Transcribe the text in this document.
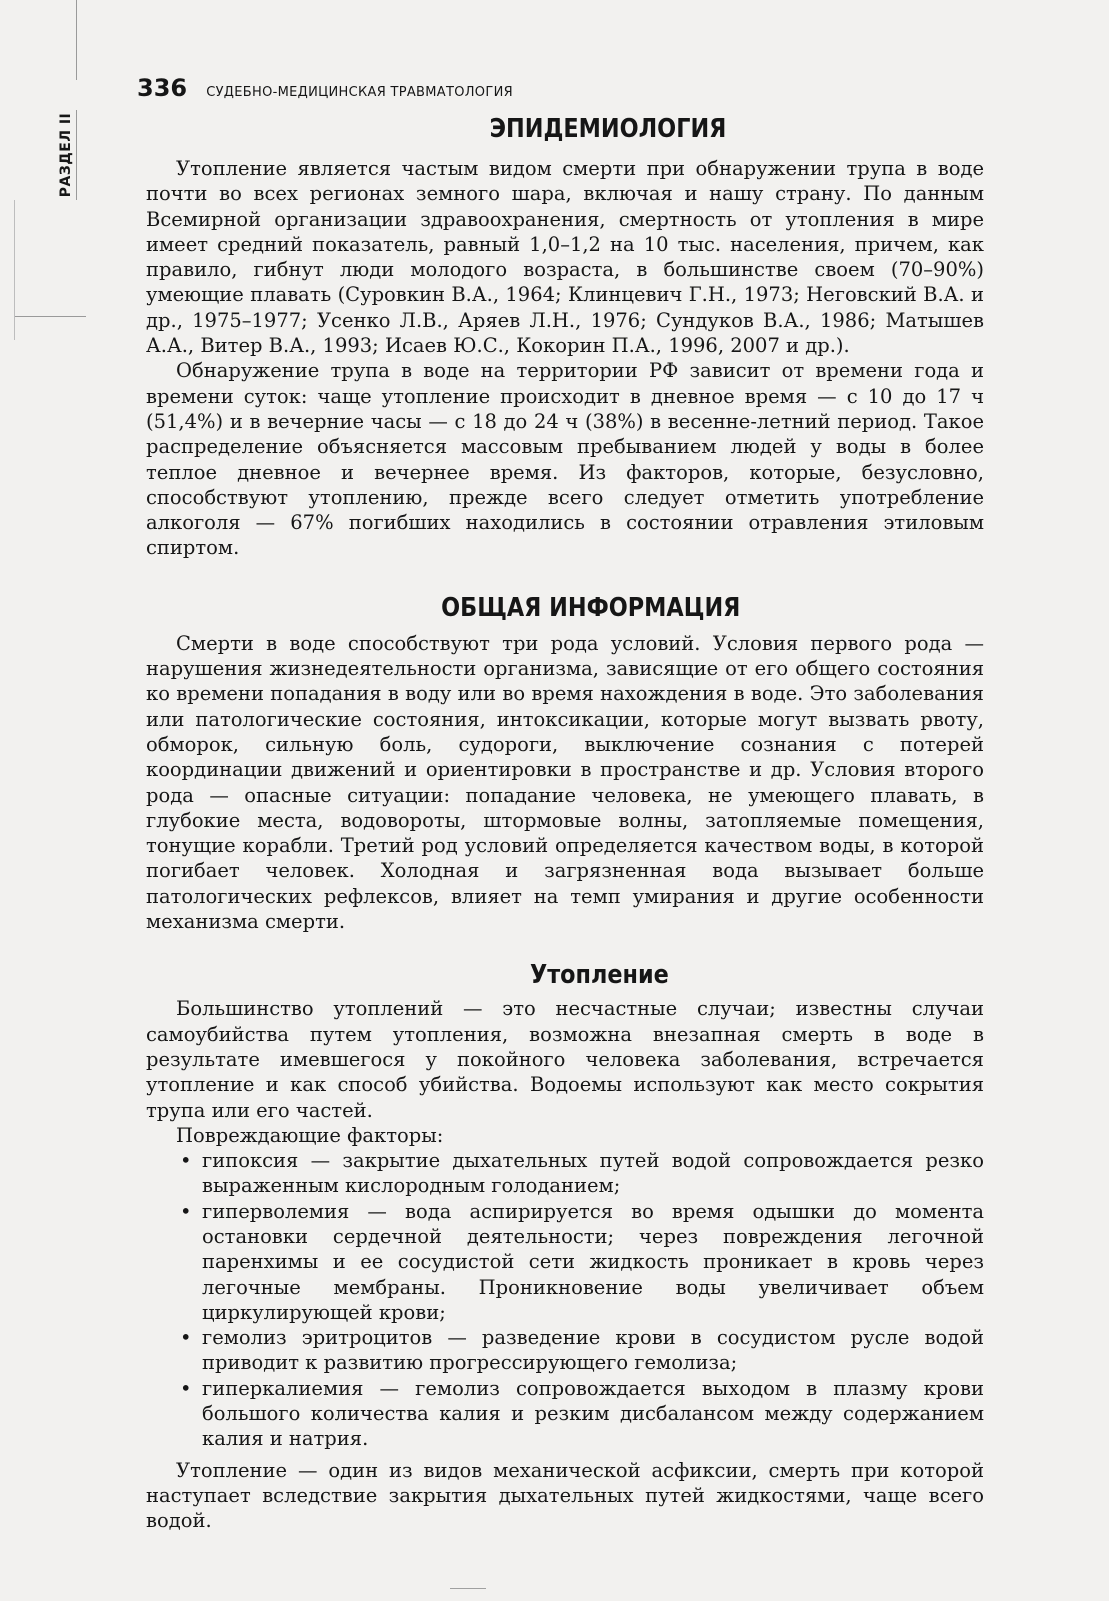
РАЗДЕЛ II
336 СУДЕБНО-МЕДИЦИНСКАЯ ТРАВМАТОЛОГИЯ
ЭПИДЕМИОЛОГИЯ

Утопление является частым видом смерти при обнаружении трупа в воде почти во всех регионах земного шара, включая и нашу страну. По данным Всемирной организации здравоохранения, смертность от утопления в мире имеет средний показатель, равный 1,0–1,2 на 10 тыс. населения, причем, как правило, гибнут люди молодого возраста, в большинстве своем (70–90%) умеющие плавать (Суровкин В.А., 1964; Клинцевич Г.Н., 1973; Неговский В.А. и др., 1975–1977; Усенко Л.В., Аряев Л.Н., 1976; Сундуков В.А., 1986; Матышев А.А., Витер В.А., 1993; Исаев Ю.С., Кокорин П.А., 1996, 2007 и др.).

Обнаружение трупа в воде на территории РФ зависит от времени года и времени суток: чаще утопление происходит в дневное время — с 10 до 17 ч (51,4%) и в вечерние часы — с 18 до 24 ч (38%) в весенне-летний период. Такое распределение объясняется массовым пребыванием людей у воды в более теплое дневное и вечернее время. Из факторов, которые, безусловно, способствуют утоплению, прежде всего следует отметить употребление алкоголя — 67% погибших находились в состоянии отравления этиловым спиртом.

ОБЩАЯ ИНФОРМАЦИЯ

Смерти в воде способствуют три рода условий. Условия первого рода — нарушения жизнедеятельности организма, зависящие от его общего состояния ко времени попадания в воду или во время нахождения в воде. Это заболевания или патологические состояния, интоксикации, которые могут вызвать рвоту, обморок, сильную боль, судороги, выключение сознания с потерей координации движений и ориентировки в пространстве и др. Условия второго рода — опасные ситуации: попадание человека, не умеющего плавать, в глубокие места, водовороты, штормовые волны, затопляемые помещения, тонущие корабли. Третий род условий определяется качеством воды, в которой погибает человек. Холодная и загрязненная вода вызывает больше патологических рефлексов, влияет на темп умирания и другие особенности механизма смерти.

Утопление

Большинство утоплений — это несчастные случаи; известны случаи самоубийства путем утопления, возможна внезапная смерть в воде в результате имевшегося у покойного человека заболевания, встречается утопление и как способ убийства. Водоемы используют как место сокрытия трупа или его частей.

Повреждающие факторы:

• гипоксия — закрытие дыхательных путей водой сопровождается резко выраженным кислородным голоданием;
• гиперволемия — вода аспирируется во время одышки до момента остановки сердечной деятельности; через повреждения легочной паренхимы и ее сосудистой сети жидкость проникает в кровь через легочные мембраны. Проникновение воды увеличивает объем циркулирующей крови;
• гемолиз эритроцитов — разведение крови в сосудистом русле водой приводит к развитию прогрессирующего гемолиза;
• гиперкалиемия — гемолиз сопровождается выходом в плазму крови большого количества калия и резким дисбалансом между содержанием калия и натрия.

Утопление — один из видов механической асфиксии, смерть при которой наступает вследствие закрытия дыхательных путей жидкостями, чаще всего водой.
